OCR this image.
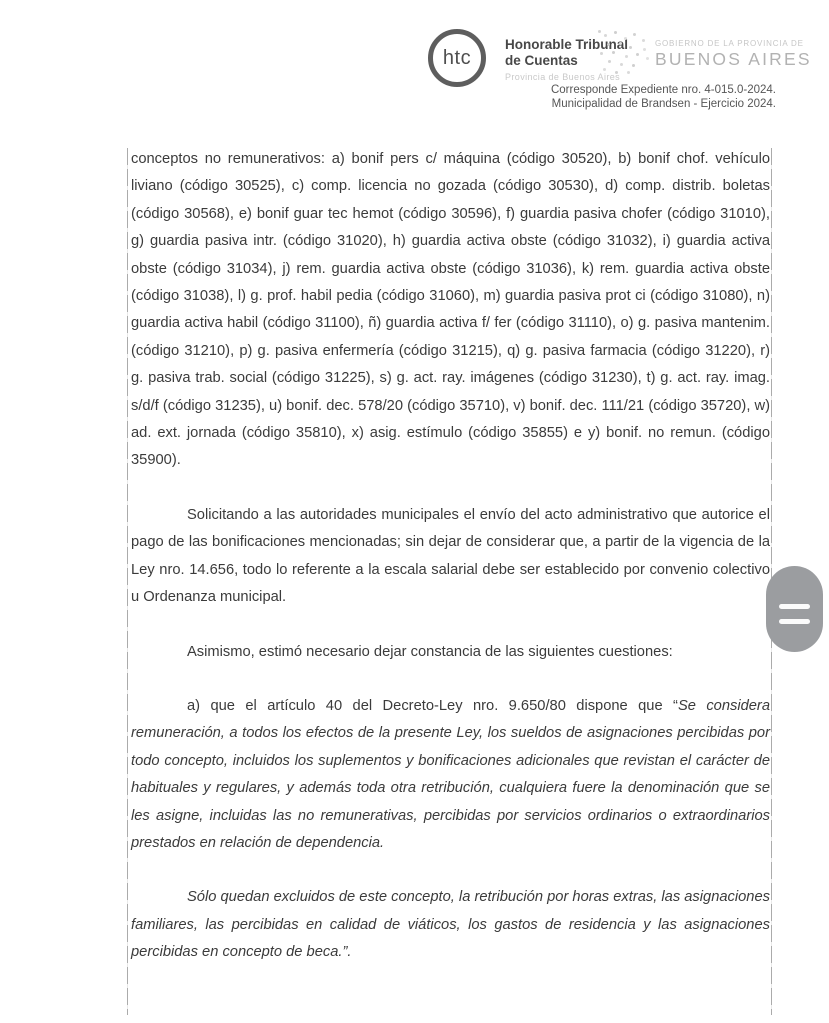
htc
Honorable Tribunal
de Cuentas
Provincia de Buenos Aires
GOBIERNO DE LA PROVINCIA DE
BUENOS AIRES
Corresponde Expediente nro. 4-015.0-2024.
Municipalidad de Brandsen - Ejercicio 2024.

conceptos no remunerativos: a) bonif pers c/ máquina (código 30520), b) bonif chof. vehículo liviano (código 30525), c) comp. licencia no gozada (código 30530), d) comp. distrib. boletas (código 30568), e) bonif guar tec hemot (código 30596), f) guardia pasiva chofer (código 31010), g) guardia pasiva intr. (código 31020), h) guardia activa obste (código 31032), i) guardia activa obste (código 31034), j) rem. guardia activa obste (código 31036), k) rem. guardia activa obste (código 31038), l) g. prof. habil pedia (código 31060), m) guardia pasiva prot ci (código 31080), n) guardia activa habil (código 31100), ñ) guardia activa f/ fer (código 31110), o) g. pasiva mantenim. (código 31210), p) g. pasiva enfermería (código 31215), q) g. pasiva farmacia (código 31220), r) g. pasiva trab. social (código 31225), s) g. act. ray. imágenes (código 31230), t) g. act. ray. imag. s/d/f (código 31235), u) bonif. dec. 578/20 (código 35710), v) bonif. dec. 111/21 (código 35720), w) ad. ext. jornada (código 35810), x) asig. estímulo (código 35855) e y) bonif. no remun. (código 35900).

Solicitando a las autoridades municipales el envío del acto administrativo que autorice el pago de las bonificaciones mencionadas; sin dejar de considerar que, a partir de la vigencia de la Ley nro. 14.656, todo lo referente a la escala salarial debe ser establecido por convenio colectivo u Ordenanza municipal.

Asimismo, estimó necesario dejar constancia de las siguientes cuestiones:

a) que el artículo 40 del Decreto-Ley nro. 9.650/80 dispone que “Se considera remuneración, a todos los efectos de la presente Ley, los sueldos de asignaciones percibidas por todo concepto, incluidos los suplementos y bonificaciones adicionales que revistan el carácter de habituales y regulares, y además toda otra retribución, cualquiera fuere la denominación que se les asigne, incluidas las no remunerativas, percibidas por servicios ordinarios o extraordinarios prestados en relación de dependencia.

Sólo quedan excluidos de este concepto, la retribución por horas extras, las asignaciones familiares, las percibidas en calidad de viáticos, los gastos de residencia y las asignaciones percibidas en concepto de beca.”.
